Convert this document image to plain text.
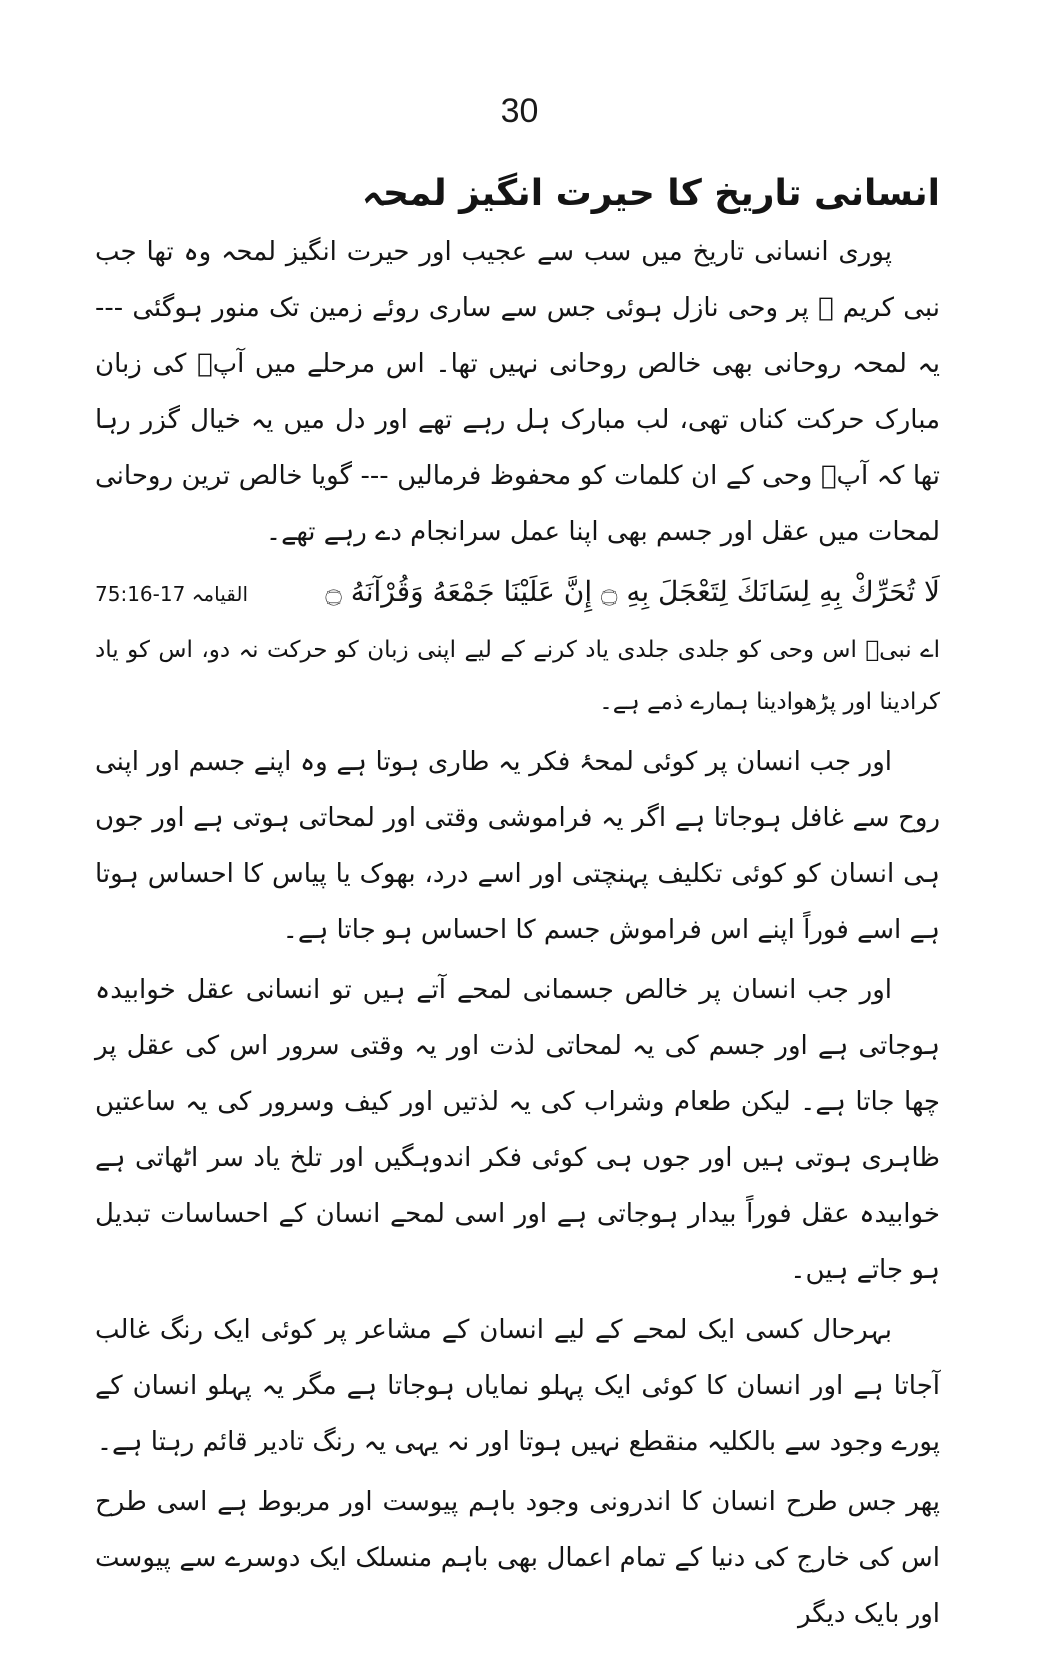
30
انسانی تاریخ کا حیرت انگیز لمحہ

پوری انسانی تاریخ میں سب سے عجیب اور حیرت انگیز لمحہ وہ تھا جب نبی کریم ﷺ پر وحی نازل ہوئی جس سے ساری روئے زمین تک منور ہوگئی --- یہ لمحہ روحانی بھی خالص روحانی نہیں تھا۔ اس مرحلے میں آپؐ کی زبان مبارک حرکت کناں تھی، لب مبارک ہل رہے تھے اور دل میں یہ خیال گزر رہا تھا کہ آپؐ وحی کے ان کلمات کو محفوظ فرمالیں --- گویا خالص ترین روحانی لمحات میں عقل اور جسم بھی اپنا عمل سرانجام دے رہے تھے۔

لَا تُحَرِّكْ بِهِ لِسَانَكَ لِتَعْجَلَ بِهِ ۝ إِنَّ عَلَيْنَا جَمْعَهُ وَقُرْآنَهُ ۝
القیامہ 17-75:16

اے نبیؐ اس وحی کو جلدی جلدی یاد کرنے کے لیے اپنی زبان کو حرکت نہ دو، اس کو یاد کرادینا اور پڑھوادینا ہمارے ذمے ہے۔

اور جب انسان پر کوئی لمحۂ فکر یہ طاری ہوتا ہے وہ اپنے جسم اور اپنی روح سے غافل ہوجاتا ہے اگر یہ فراموشی وقتی اور لمحاتی ہوتی ہے اور جوں ہی انسان کو کوئی تکلیف پہنچتی اور اسے درد، بھوک یا پیاس کا احساس ہوتا ہے اسے فوراً اپنے اس فراموش جسم کا احساس ہو جاتا ہے۔

اور جب انسان پر خالص جسمانی لمحے آتے ہیں تو انسانی عقل خوابیدہ ہوجاتی ہے اور جسم کی یہ لمحاتی لذت اور یہ وقتی سرور اس کی عقل پر چھا جاتا ہے۔ لیکن طعام وشراب کی یہ لذتیں اور کیف وسرور کی یہ ساعتیں ظاہری ہوتی ہیں اور جوں ہی کوئی فکر اندوہگیں اور تلخ یاد سر اٹھاتی ہے خوابیدہ عقل فوراً بیدار ہوجاتی ہے اور اسی لمحے انسان کے احساسات تبدیل ہو جاتے ہیں۔

بہرحال کسی ایک لمحے کے لیے انسان کے مشاعر پر کوئی ایک رنگ غالب آجاتا ہے اور انسان کا کوئی ایک پہلو نمایاں ہوجاتا ہے مگر یہ پہلو انسان کے پورے وجود سے بالکلیہ منقطع نہیں ہوتا اور نہ یہی یہ رنگ تادیر قائم رہتا ہے۔

پھر جس طرح انسان کا اندرونی وجود باہم پیوست اور مربوط ہے اسی طرح اس کی خارج کی دنیا کے تمام اعمال بھی باہم منسلک ایک دوسرے سے پیوست اور بایک دیگر
